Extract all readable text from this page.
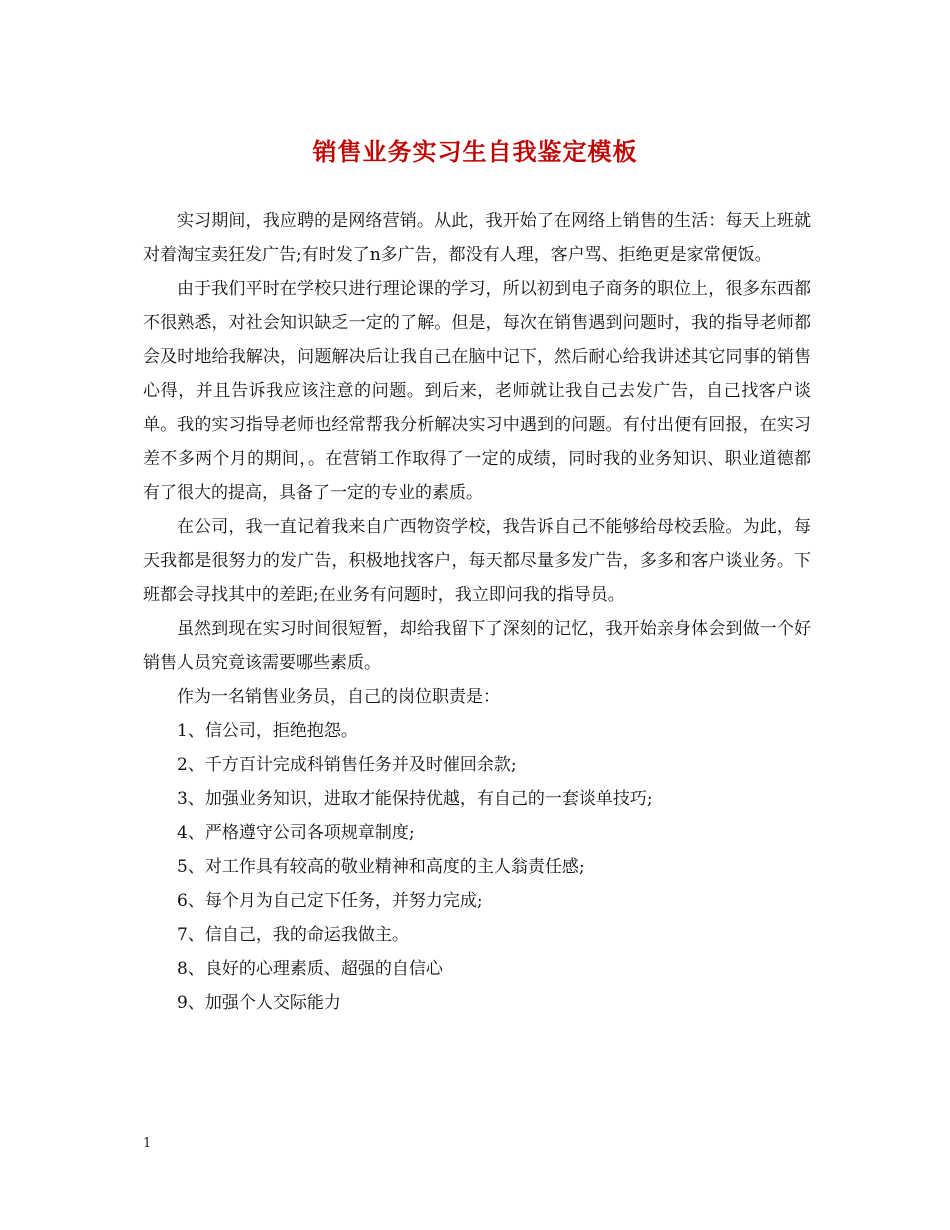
销售业务实习生自我鉴定模板

实习期间，我应聘的是网络营销。从此，我开始了在网络上销售的生活：每天上班就对着淘宝卖狂发广告;有时发了n多广告，都没有人理，客户骂、拒绝更是家常便饭。

由于我们平时在学校只进行理论课的学习，所以初到电子商务的职位上，很多东西都不很熟悉，对社会知识缺乏一定的了解。但是，每次在销售遇到问题时，我的指导老师都会及时地给我解决，问题解决后让我自己在脑中记下，然后耐心给我讲述其它同事的销售心得，并且告诉我应该注意的问题。到后来，老师就让我自己去发广告，自己找客户谈单。我的实习指导老师也经常帮我分析解决实习中遇到的问题。有付出便有回报，在实习差不多两个月的期间，。在营销工作取得了一定的成绩，同时我的业务知识、职业道德都有了很大的提高，具备了一定的专业的素质。

在公司，我一直记着我来自广西物资学校，我告诉自己不能够给母校丢脸。为此，每天我都是很努力的发广告，积极地找客户，每天都尽量多发广告，多多和客户谈业务。下班都会寻找其中的差距;在业务有问题时，我立即问我的指导员。

虽然到现在实习时间很短暂，却给我留下了深刻的记忆，我开始亲身体会到做一个好销售人员究竟该需要哪些素质。

作为一名销售业务员，自己的岗位职责是：

1、信公司，拒绝抱怨。

2、千方百计完成科销售任务并及时催回余款;

3、加强业务知识，进取才能保持优越，有自己的一套谈单技巧;

4、严格遵守公司各项规章制度;

5、对工作具有较高的敬业精神和高度的主人翁责任感;

6、每个月为自己定下任务，并努力完成;

7、信自己，我的命运我做主。

8、良好的心理素质、超强的自信心

9、加强个人交际能力

1
